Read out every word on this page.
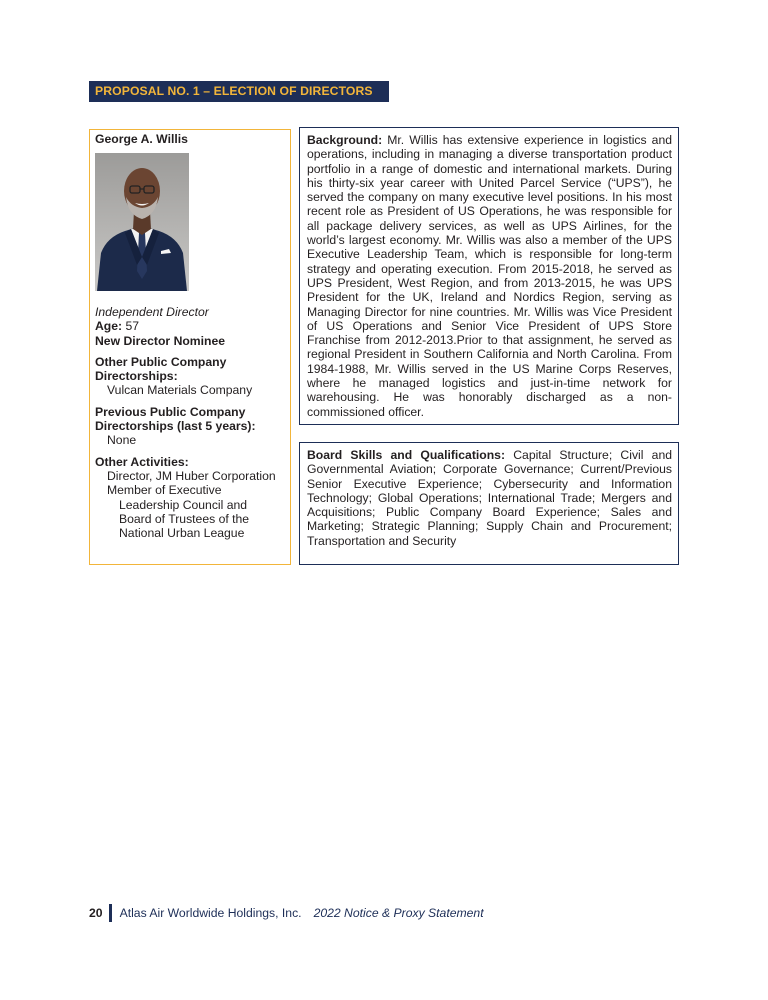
PROPOSAL NO. 1 – ELECTION OF DIRECTORS
George A. Willis
Independent Director
Age: 57
New Director Nominee
Other Public Company Directorships:
Vulcan Materials Company
Previous Public Company Directorships (last 5 years):
None
Other Activities:
Director, JM Huber Corporation
Member of Executive
Leadership Council and
Board of Trustees of the
National Urban League

Background: Mr. Willis has extensive experience in logistics and operations, including in managing a diverse transportation product portfolio in a range of domestic and international markets. During his thirty-six year career with United Parcel Service (“UPS”), he served the company on many executive level positions. In his most recent role as President of US Operations, he was responsible for all package delivery services, as well as UPS Airlines, for the world’s largest economy. Mr. Willis was also a member of the UPS Executive Leadership Team, which is responsible for long-term strategy and operating execution. From 2015-2018, he served as UPS President, West Region, and from 2013-2015, he was UPS President for the UK, Ireland and Nordics Region, serving as Managing Director for nine countries. Mr. Willis was Vice President of US Operations and Senior Vice President of UPS Store Franchise from 2012-2013.Prior to that assignment, he served as regional President in Southern California and North Carolina. From 1984-1988, Mr. Willis served in the US Marine Corps Reserves, where he managed logistics and just-in-time network for warehousing. He was honorably discharged as a non-commissioned officer.

Board Skills and Qualifications: Capital Structure; Civil and Governmental Aviation; Corporate Governance; Current/Previous Senior Executive Experience; Cybersecurity and Information Technology; Global Operations; International Trade; Mergers and Acquisitions; Public Company Board Experience; Sales and Marketing; Strategic Planning; Supply Chain and Procurement; Transportation and Security

20 Atlas Air Worldwide Holdings, Inc. 2022 Notice & Proxy Statement
